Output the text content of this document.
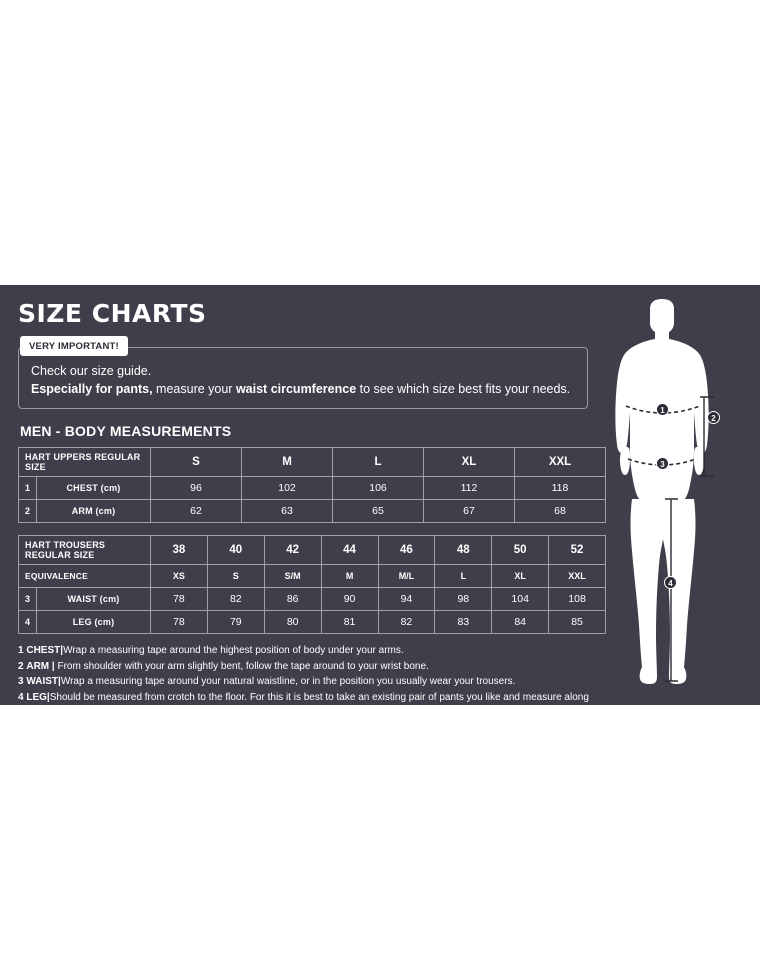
SIZE CHARTS
VERY IMPORTANT!
Check our size guide.
Especially for pants, measure your waist circumference to see which size best fits your needs.
MEN - BODY MEASUREMENTS
HART UPPERS REGULAR SIZE		S	M	L	XL	XXL
1	CHEST (cm)	96	102	106	112	118
2	ARM (cm)	62	63	65	67	68
HART TROUSERS REGULAR SIZE		38	40	42	44	46	48	50	52
EQUIVALENCE		XS	S	S/M	M	M/L	L	XL	XXL
3	WAIST (cm)	78	82	86	90	94	98	104	108
4	LEG (cm)	78	79	80	81	82	83	84	85
1 CHEST|Wrap a measuring tape around the highest position of body under your arms.
2 ARM | From shoulder with your arm slightly bent, follow the tape around to your wrist bone.
3 WAIST|Wrap a measuring tape around your natural waistline, or in the position you usually wear your trousers.
4 LEG|Should be measured from crotch to the floor. For this it is best to take an existing pair of pants you like and measure along the garment inseam from the crotch seam to the hem.
1
2
3
4
